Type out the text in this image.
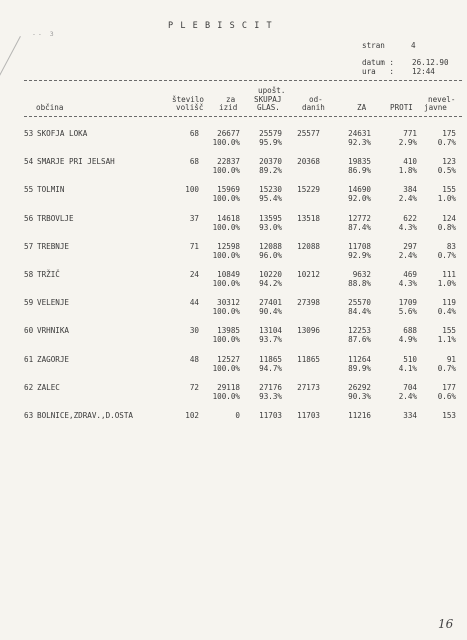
-- 3
PLEBISCIT
stran	4
datum : 26.12.90
ura   : 12:44
upošt.
število	za SKUPAJ	od-	nevel-
občina	volišč izid	GLAS.	danih	ZA	PROTI javne
53 SKOFJA LOKA	68	26677	25579 25577	24631	771	175
100.0%	95.9%	92.3%	2.9%	0.7%
54 SMARJE PRI JELSAH	68	22837	20370 20368	19835	410	123
100.0%	89.2%	86.9%	1.8%	0.5%
55 TOLMIN	100	15969	15230 15229	14690	384	155
100.0%	95.4%	92.0%	2.4%	1.0%
56 TRBOVLJE	37	14618	13595 13518	12772	622	124
100.0%	93.0%	87.4%	4.3%	0.8%
57 TREBNJE	71	12598	12088 12088	11708	297	83
100.0%	96.0%	92.9%	2.4%	0.7%
58 TRŽIČ	24	10849	10220 10212	9632	469	111
100.0%	94.2%	88.8%	4.3%	1.0%
59 VELENJE	44	30312	27401 27398	25570	1709	119
100.0%	90.4%	84.4%	5.6%	0.4%
60 VRHNIKA	30	13985	13104 13096	12253	688	155
100.0%	93.7%	87.6%	4.9%	1.1%
61 ZAGORJE	48	12527	11865 11865	11264	510	91
100.0%	94.7%	89.9%	4.1%	0.7%
62 ZALEC	72	29118	27176 27173	26292	704	177
100.0%	93.3%	90.3%	2.4%	0.6%
63 BOLNICE,ZDRAV.,D.OSTA	102	0	11703 11703	11216	334	153
16
